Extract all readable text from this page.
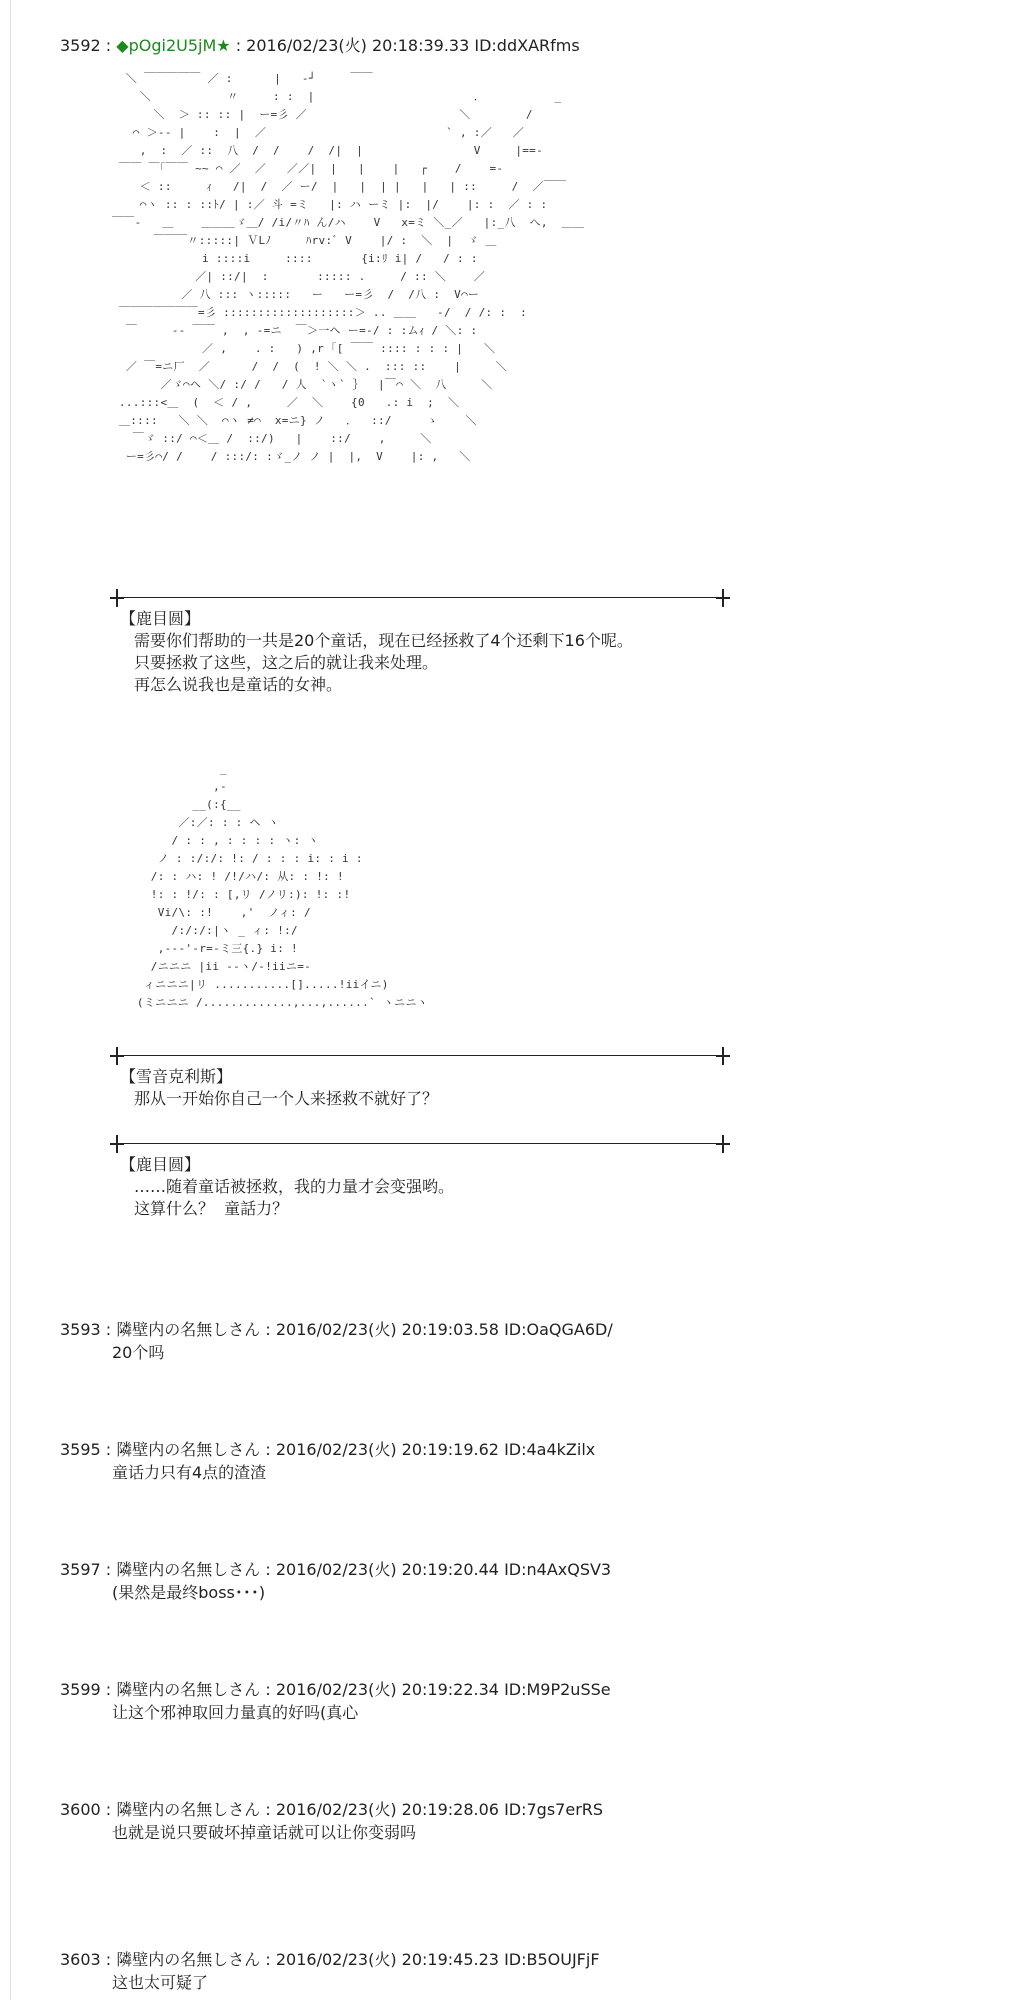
3592 : ◆pOgi2U5jM★ : 2016/02/23(火) 20:18:39.33 ID:ddXARfms
＼ ￣￣￣￣￣ ／ :      |   -┘     ￣￣
＼           〃     : :  |                       ．          _
＼  ＞ :: :: |  ー=彡 ／                      ＼        /
⌒ ＞-‐ |    :  |  ／                          ` , :／   ／
,  :  ／ ::  八  /  /    /  /|  |                V     |==-
￣￣ ￣｢￣￣ ~~ ⌒ ／  ／   ／／|  |   |    |   ┌    /    =-
＜ ::     ｨ   /|  /  ／ ー/  |   |  | |   |   | ::     /  ／￣￣
⌒ヽ :: : ::ﾄ/ | :／ 斗 =ミ   |: ハ ーミ |:  |/    |: :  ／ : :
￣￣-   ＿    ＿＿＿ゞ＿/ /i/〃ﾊ ん/ハ    V   x=ミ ＼_／   |:_八  へ,  ＿＿
￣￣￣〃:::::| ＶLﾉ     ﾊrv:ﾞ V    |/ :  ＼  |  ゞ ＿
i ::::i     ::::       {i:ﾘ i| /   / : :
／| ::/|  :       ::::: .     / :: ＼    ／
／ 八 ::: ヽ:::::   ー   ー=彡  /  /八 :  V⌒ー
￣￣￣￣￣￣￣=彡 :::::::::::::::::::＞ .. ＿＿   -/  / /: :  :
￣     -- ￣￣ ,  , -=ニ  ￣＞一ヘ ー=-/ : :ムｨ / ＼: :
／ ,    . :   ) ,r ｢[ ￣￣ :::: : : : |   ＼
／ ￣=ニ厂  ／      /  /  (  ! ＼ ＼ .  ::: ::    |     ＼
／ゞ⌒ヘ ＼/ :/ /   / 人  `ヽ` ｝  |￣⌒ ＼  八     ＼
...:::<＿  (  ＜ / ,     ／  ＼    {0   .: i  ;  ＼
＿::::   ＼ ＼  ⌒ヽ ≠⌒  x=ニ} ノ   ．  ::/     ゝ    ＼
￣ゞ ::/ ⌒＜＿ /  ::/)   |    ::/    ,     ＼
ー=彡⌒/ /    / :::/: :ゞ_ノ ノ |  |,  V    |: ,   ＼
【鹿目圆】
需要你们帮助的一共是20个童话，现在已经拯救了4个还剩下16个呢。
只要拯救了这些，这之后的就让我来处理。
再怎么说我也是童话的女神。
_
,-
__(:{__
／:／: : : ヘ ヽ
/ : : , : : : : ヽ: ヽ
ノ : :/:/: !: / : : : i: : i :
/: : ハ: ! /!/ハ/: 从: : !: !
!: : !/: : [,リ /ノリ:): !: :!
Vi/\: :!    ,'  ノィ: /
/:/:/:|ヽ _ ィ: !:/
,‐‐‐'‐r=‐ミ三{.} i: !
/ニニニ |ii ‐‐ヽ/‐!iiニ=-
ィニニニ|リ ...........[].....!iiイニ)
(ミニニニ /.............,...,......` ヽニニヽ
【雪音克利斯】
那从一开始你自己一个人来拯救不就好了？
【鹿目圆】
……随着童话被拯救，我的力量才会变强哟。
这算什么？  童話力？
3593 : 隣壁内の名無しさん : 2016/02/23(火) 20:19:03.58 ID:OaQGA6D/
20个吗
3595 : 隣壁内の名無しさん : 2016/02/23(火) 20:19:19.62 ID:4a4kZilx
童话力只有4点的渣渣
3597 : 隣壁内の名無しさん : 2016/02/23(火) 20:19:20.44 ID:n4AxQSV3
(果然是最终boss･･･)
3599 : 隣壁内の名無しさん : 2016/02/23(火) 20:19:22.34 ID:M9P2uSSe
让这个邪神取回力量真的好吗(真心
3600 : 隣壁内の名無しさん : 2016/02/23(火) 20:19:28.06 ID:7gs7erRS
也就是说只要破坏掉童话就可以让你变弱吗
3603 : 隣壁内の名無しさん : 2016/02/23(火) 20:19:45.23 ID:B5OUJFjF
这也太可疑了
